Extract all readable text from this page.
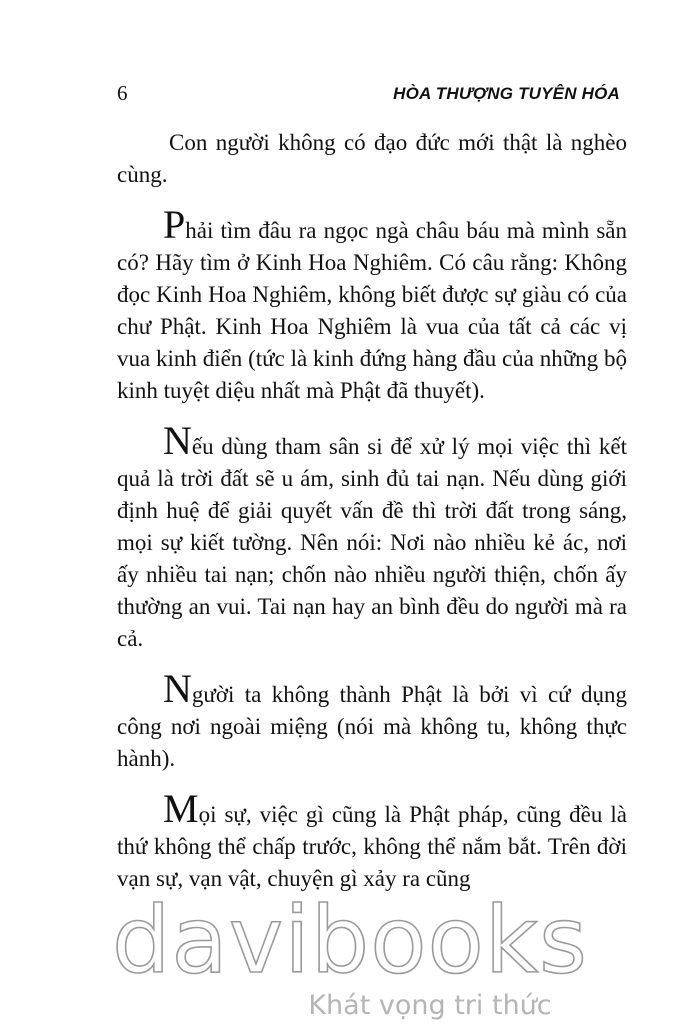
6	HÒA THƯỢNG TUYÊN HÓA

Con người không có đạo đức mới thật là nghèo cùng.

Phải tìm đâu ra ngọc ngà châu báu mà mình sẵn có? Hãy tìm ở Kinh Hoa Nghiêm. Có câu rằng: Không đọc Kinh Hoa Nghiêm, không biết được sự giàu có của chư Phật. Kinh Hoa Nghiêm là vua của tất cả các vị vua kinh điển (tức là kinh đứng hàng đầu của những bộ kinh tuyệt diệu nhất mà Phật đã thuyết).

Nếu dùng tham sân si để xử lý mọi việc thì kết quả là trời đất sẽ u ám, sinh đủ tai nạn. Nếu dùng giới định huệ để giải quyết vấn đề thì trời đất trong sáng, mọi sự kiết tường. Nên nói: Nơi nào nhiều kẻ ác, nơi ấy nhiều tai nạn; chốn nào nhiều người thiện, chốn ấy thường an vui. Tai nạn hay an bình đều do người mà ra cả.

Người ta không thành Phật là bởi vì cứ dụng công nơi ngoài miệng (nói mà không tu, không thực hành).

Mọi sự, việc gì cũng là Phật pháp, cũng đều là thứ không thể chấp trước, không thể nắm bắt. Trên đời vạn sự, vạn vật, chuyện gì xảy ra cũng

davibooks
Khát vọng tri thức
